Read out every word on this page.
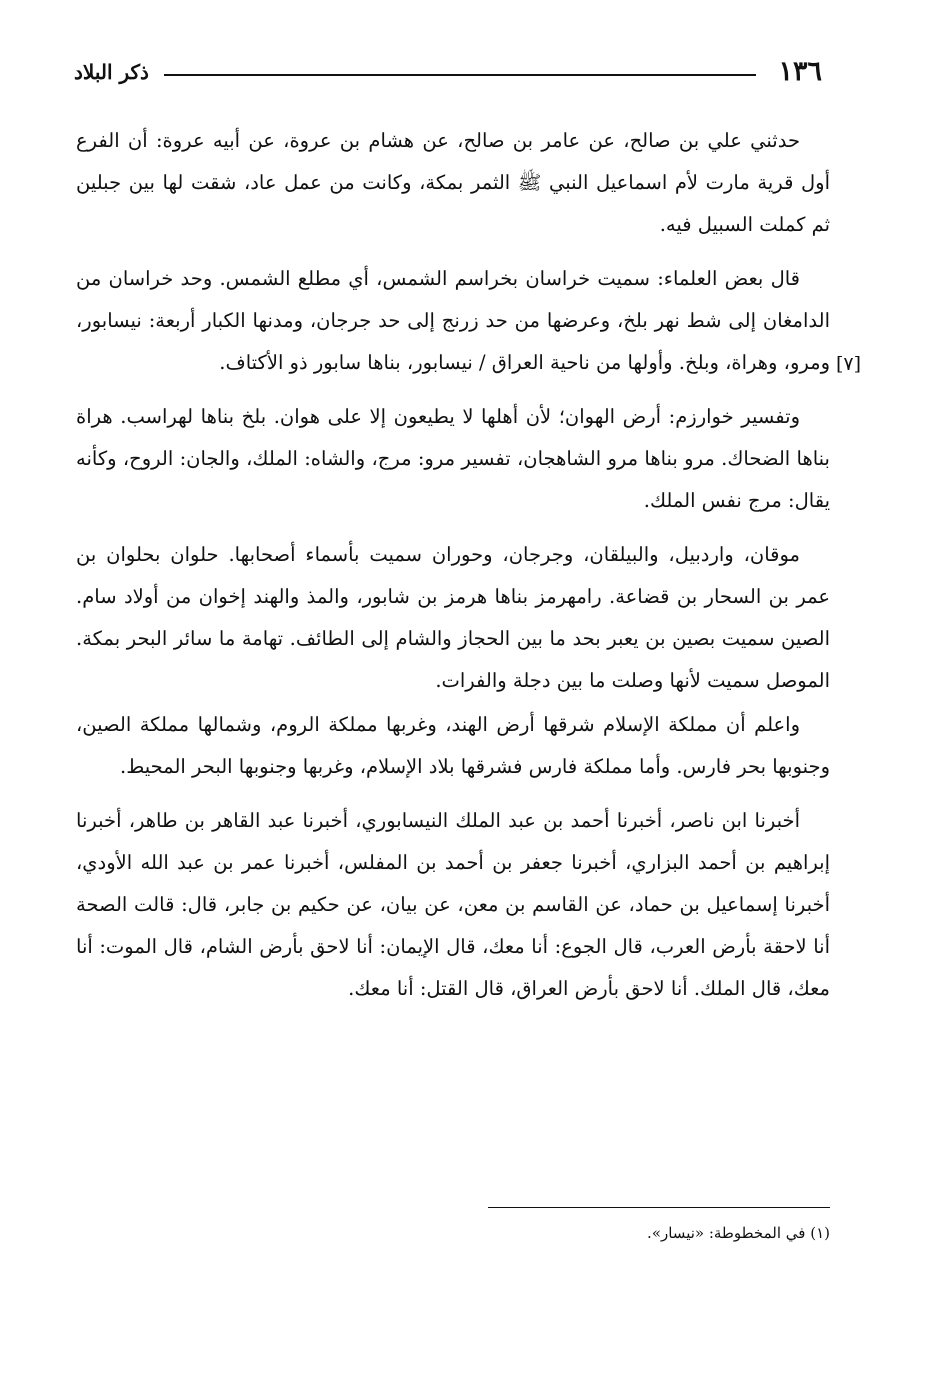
١٣٦
ذكر البلاد

حدثني علي بن صالح، عن عامر بن صالح، عن هشام بن عروة، عن أبيه عروة: أن الفرع أول قرية مارت لأم اسماعيل النبي ﷺ الثمر بمكة، وكانت من عمل عاد، شقت لها بين جبلين ثم كملت السبيل فيه.

قال بعض العلماء: سميت خراسان بخراسم الشمس، أي مطلع الشمس. وحد خراسان من الدامغان إلى شط نهر بلخ، وعرضها من حد زرنج إلى حد جرجان، ومدنها الكبار أربعة: نيسابور، ومرو، وهراة، وبلخ. وأولها من ناحية العراق / نيسابور، بناها سابور ذو الأكتاف.

وتفسير خوارزم: أرض الهوان؛ لأن أهلها لا يطيعون إلا على هوان. بلخ بناها لهراسب. هراة بناها الضحاك. مرو بناها مرو الشاهجان، تفسير مرو: مرج، والشاه: الملك، والجان: الروح، وكأنه يقال: مرج نفس الملك.

موقان، واردبيل، والبيلقان، وجرجان، وحوران سميت بأسماء أصحابها. حلوان بحلوان بن عمر بن السحار بن قضاعة. رامهرمز بناها هرمز بن شابور، والمذ والهند إخوان من أولاد سام. الصين سميت بصين بن يعبر بحد ما بين الحجاز والشام إلى الطائف. تهامة ما سائر البحر بمكة. الموصل سميت لأنها وصلت ما بين دجلة والفرات.

واعلم أن مملكة الإسلام شرقها أرض الهند، وغربها مملكة الروم، وشمالها مملكة الصين، وجنوبها بحر فارس. وأما مملكة فارس فشرقها بلاد الإسلام، وغربها وجنوبها البحر المحيط.

أخبرنا ابن ناصر، أخبرنا أحمد بن عبد الملك النيسابوري، أخبرنا عبد القاهر بن طاهر، أخبرنا إبراهيم بن أحمد البزاري، أخبرنا جعفر بن أحمد بن المفلس، أخبرنا عمر بن عبد الله الأودي، أخبرنا إسماعيل بن حماد، عن القاسم بن معن، عن بيان، عن حكيم بن جابر، قال: قالت الصحة أنا لاحقة بأرض العرب، قال الجوع: أنا معك، قال الإيمان: أنا لاحق بأرض الشام، قال الموت: أنا معك، قال الملك. أنا لاحق بأرض العراق، قال القتل: أنا معك.

[٧]
(١) في المخطوطة: «نيسار».
